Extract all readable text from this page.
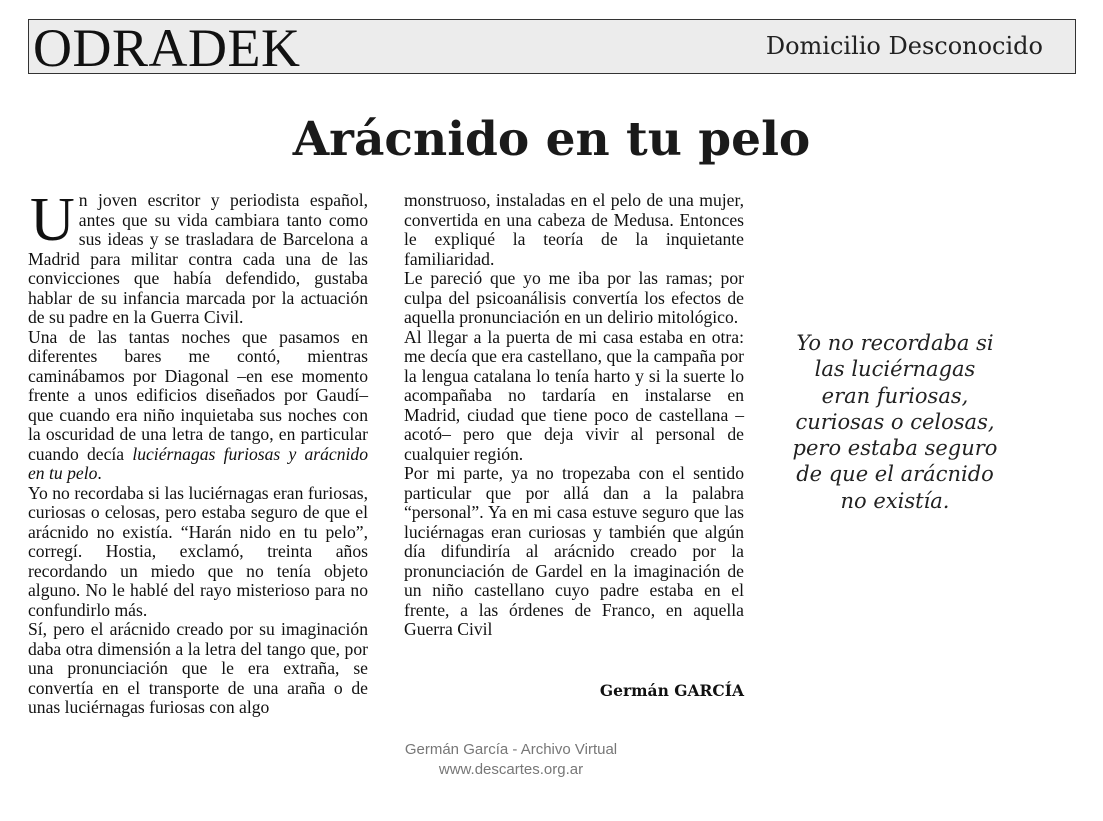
ODRADEK	Domicilio Desconocido
Arácnido en tu pelo

Un joven escritor y periodista español, antes que su vida cambiara tanto como sus ideas y se trasladara de Barcelona a Madrid para militar contra cada una de las convicciones que había defendido, gustaba hablar de su infancia marcada por la actuación de su padre en la Guerra Civil.

Una de las tantas noches que pasamos en diferentes bares me contó, mientras caminábamos por Diagonal –en ese momento frente a unos edificios diseñados por Gaudí– que cuando era niño inquietaba sus noches con la oscuridad de una letra de tango, en particular cuando decía luciérnagas furiosas y arácnido en tu pelo.

Yo no recordaba si las luciérnagas eran furiosas, curiosas o celosas, pero estaba seguro de que el arácnido no existía. “Harán nido en tu pelo”, corregí. Hostia, exclamó, treinta años recordando un miedo que no tenía objeto alguno. No le hablé del rayo misterioso para no confundirlo más.

Sí, pero el arácnido creado por su imaginación daba otra dimensión a la letra del tango que, por una pronunciación que le era extraña, se convertía en el transporte de una araña o de unas luciérnagas furiosas con algo

monstruoso, instaladas en el pelo de una mujer, convertida en una cabeza de Medusa. Entonces le expliqué la teoría de la inquietante familiaridad.

Le pareció que yo me iba por las ramas; por culpa del psicoanálisis convertía los efectos de aquella pronunciación en un delirio mitológico.

Al llegar a la puerta de mi casa estaba en otra: me decía que era castellano, que la campaña por la lengua catalana lo tenía harto y si la suerte lo acompañaba no tardaría en instalarse en Madrid, ciudad que tiene poco de castellana –acotó– pero que deja vivir al personal de cualquier región.

Por mi parte, ya no tropezaba con el sentido particular que por allá dan a la palabra “personal”. Ya en mi casa estuve seguro que las luciérnagas eran curiosas y también que algún día difundiría al arácnido creado por la pronunciación de Gardel en la imaginación de un niño castellano cuyo padre estaba en el frente, a las órdenes de Franco, en aquella Guerra Civil

Germán GARCÍA
Yo no recordaba si las luciérnagas eran furiosas, curiosas o celosas, pero estaba seguro de que el arácnido no existía.
Germán García - Archivo Virtual
www.descartes.org.ar
